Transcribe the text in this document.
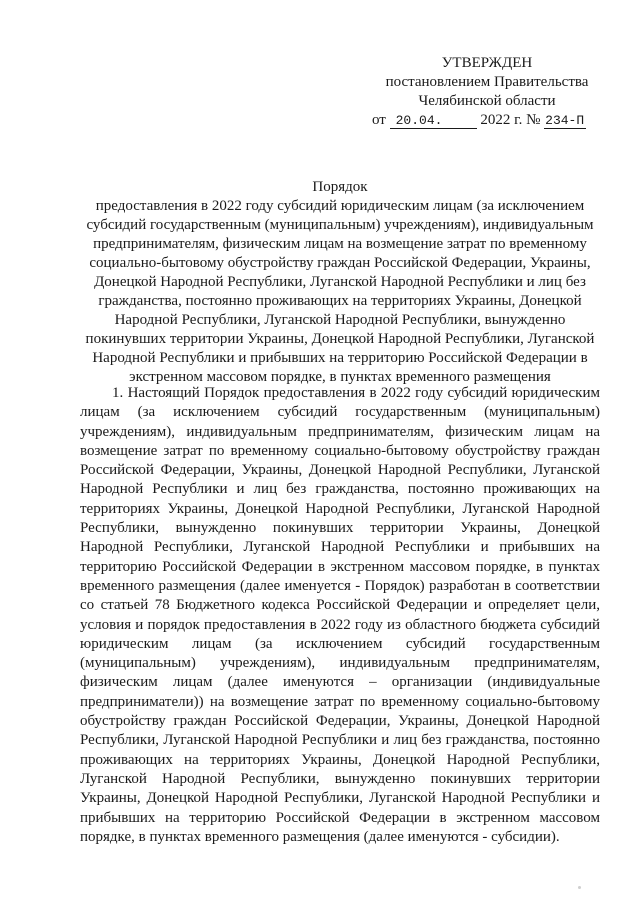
УТВЕРЖДЕН
постановлением Правительства
Челябинской области
от 20.04.	2022 г. № 234-П

Порядок

предоставления в 2022 году субсидий юридическим лицам (за исключением субсидий государственным (муниципальным) учреждениям), индивидуальным предпринимателям, физическим лицам на возмещение затрат по временному социально-бытовому обустройству граждан Российской Федерации, Украины, Донецкой Народной Республики, Луганской Народной Республики и лиц без гражданства, постоянно проживающих на территориях Украины, Донецкой Народной Республики, Луганской Народной Республики, вынужденно покинувших территории Украины, Донецкой Народной Республики, Луганской Народной Республики и прибывших на территорию Российской Федерации в экстренном массовом порядке, в пунктах временного размещения

1. Настоящий Порядок предоставления в 2022 году субсидий юридическим лицам (за исключением субсидий государственным (муниципальным) учреждениям), индивидуальным предпринимателям, физическим лицам на возмещение затрат по временному социально-бытовому обустройству граждан Российской Федерации, Украины, Донецкой Народной Республики, Луганской Народной Республики и лиц без гражданства, постоянно проживающих на территориях Украины, Донецкой Народной Республики, Луганской Народной Республики, вынужденно покинувших территории Украины, Донецкой Народной Республики, Луганской Народной Республики и прибывших на территорию Российской Федерации в экстренном массовом порядке, в пунктах временного размещения (далее именуется - Порядок) разработан в соответствии со статьей 78 Бюджетного кодекса Российской Федерации и определяет цели, условия и порядок предоставления в 2022 году из областного бюджета субсидий юридическим лицам (за исключением субсидий государственным (муниципальным) учреждениям), индивидуальным предпринимателям, физическим лицам (далее именуются – организации (индивидуальные предприниматели)) на возмещение затрат по временному социально-бытовому обустройству граждан Российской Федерации, Украины, Донецкой Народной Республики, Луганской Народной Республики и лиц без гражданства, постоянно проживающих на территориях Украины, Донецкой Народной Республики, Луганской Народной Республики, вынужденно покинувших территории Украины, Донецкой Народной Республики, Луганской Народной Республики и прибывших на территорию Российской Федерации в экстренном массовом порядке, в пунктах временного размещения (далее именуются - субсидии).
